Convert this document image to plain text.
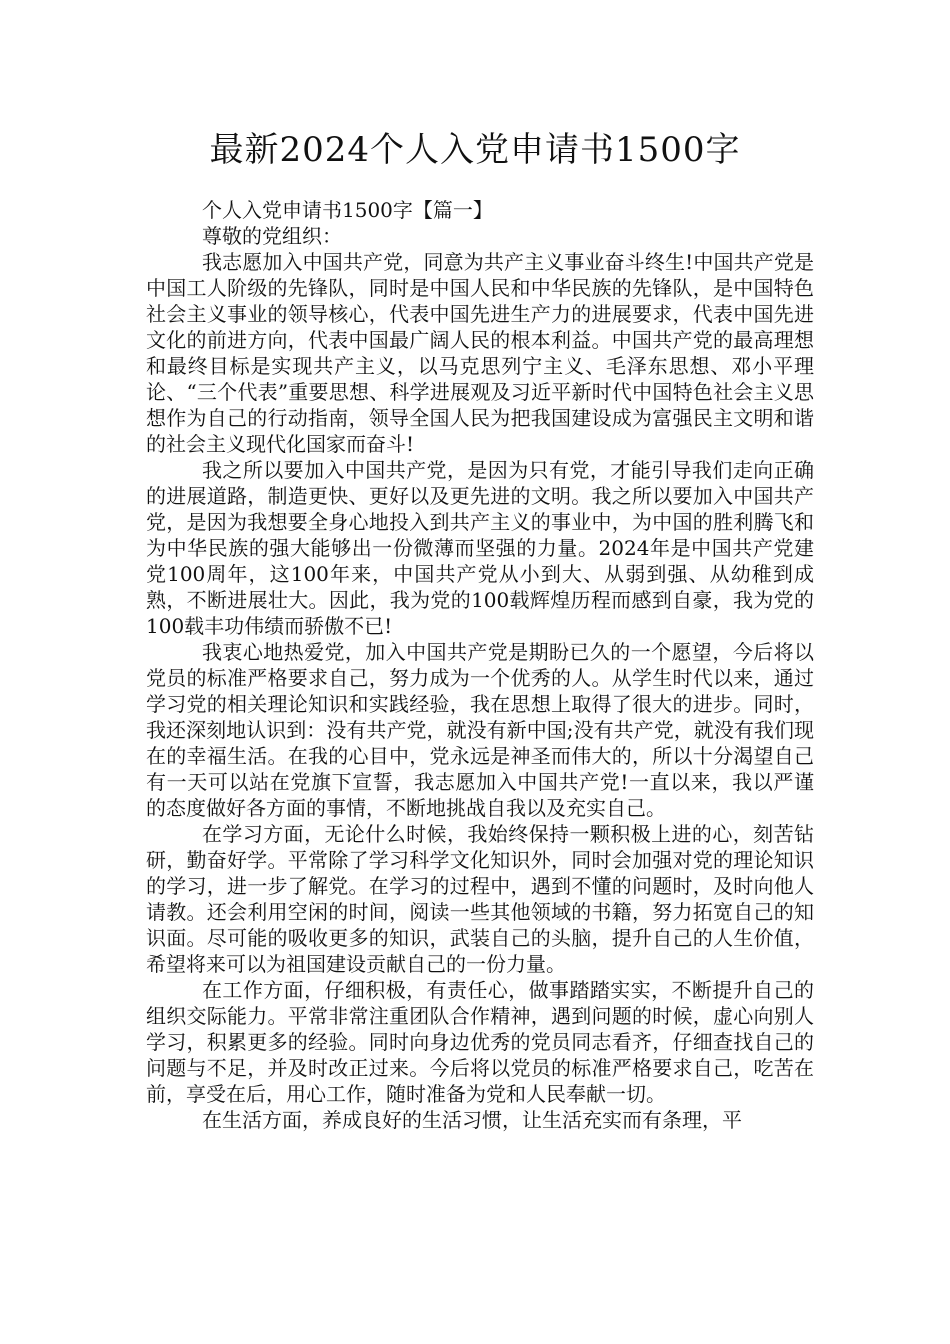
最新2024个人入党申请书1500字

个人入党申请书1500字【篇一】

尊敬的党组织：

我志愿加入中国共产党，同意为共产主义事业奋斗终生!中国共产党是中国工人阶级的先锋队，同时是中国人民和中华民族的先锋队，是中国特色社会主义事业的领导核心，代表中国先进生产力的进展要求，代表中国先进文化的前进方向，代表中国最广阔人民的根本利益。中国共产党的最高理想和最终目标是实现共产主义，以马克思列宁主义、毛泽东思想、邓小平理论、“三个代表”重要思想、科学进展观及习近平新时代中国特色社会主义思想作为自己的行动指南，领导全国人民为把我国建设成为富强民主文明和谐的社会主义现代化国家而奋斗!

我之所以要加入中国共产党，是因为只有党，才能引导我们走向正确的进展道路，制造更快、更好以及更先进的文明。我之所以要加入中国共产党，是因为我想要全身心地投入到共产主义的事业中，为中国的胜利腾飞和为中华民族的强大能够出一份微薄而坚强的力量。2024年是中国共产党建党100周年，这100年来，中国共产党从小到大、从弱到强、从幼稚到成熟，不断进展壮大。因此，我为党的100载辉煌历程而感到自豪，我为党的100载丰功伟绩而骄傲不已!

我衷心地热爱党，加入中国共产党是期盼已久的一个愿望，今后将以党员的标准严格要求自己，努力成为一个优秀的人。从学生时代以来，通过学习党的相关理论知识和实践经验，我在思想上取得了很大的进步。同时，我还深刻地认识到：没有共产党，就没有新中国;没有共产党，就没有我们现在的幸福生活。在我的心目中，党永远是神圣而伟大的，所以十分渴望自己有一天可以站在党旗下宣誓，我志愿加入中国共产党!一直以来，我以严谨的态度做好各方面的事情，不断地挑战自我以及充实自己。

在学习方面，无论什么时候，我始终保持一颗积极上进的心，刻苦钻研，勤奋好学。平常除了学习科学文化知识外，同时会加强对党的理论知识的学习，进一步了解党。在学习的过程中，遇到不懂的问题时，及时向他人请教。还会利用空闲的时间，阅读一些其他领域的书籍，努力拓宽自己的知识面。尽可能的吸收更多的知识，武装自己的头脑，提升自己的人生价值，希望将来可以为祖国建设贡献自己的一份力量。

在工作方面，仔细积极，有责任心，做事踏踏实实，不断提升自己的组织交际能力。平常非常注重团队合作精神，遇到问题的时候，虚心向别人学习，积累更多的经验。同时向身边优秀的党员同志看齐，仔细查找自己的问题与不足，并及时改正过来。今后将以党员的标准严格要求自己，吃苦在前，享受在后，用心工作，随时准备为党和人民奉献一切。

在生活方面，养成良好的生活习惯，让生活充实而有条理，平
